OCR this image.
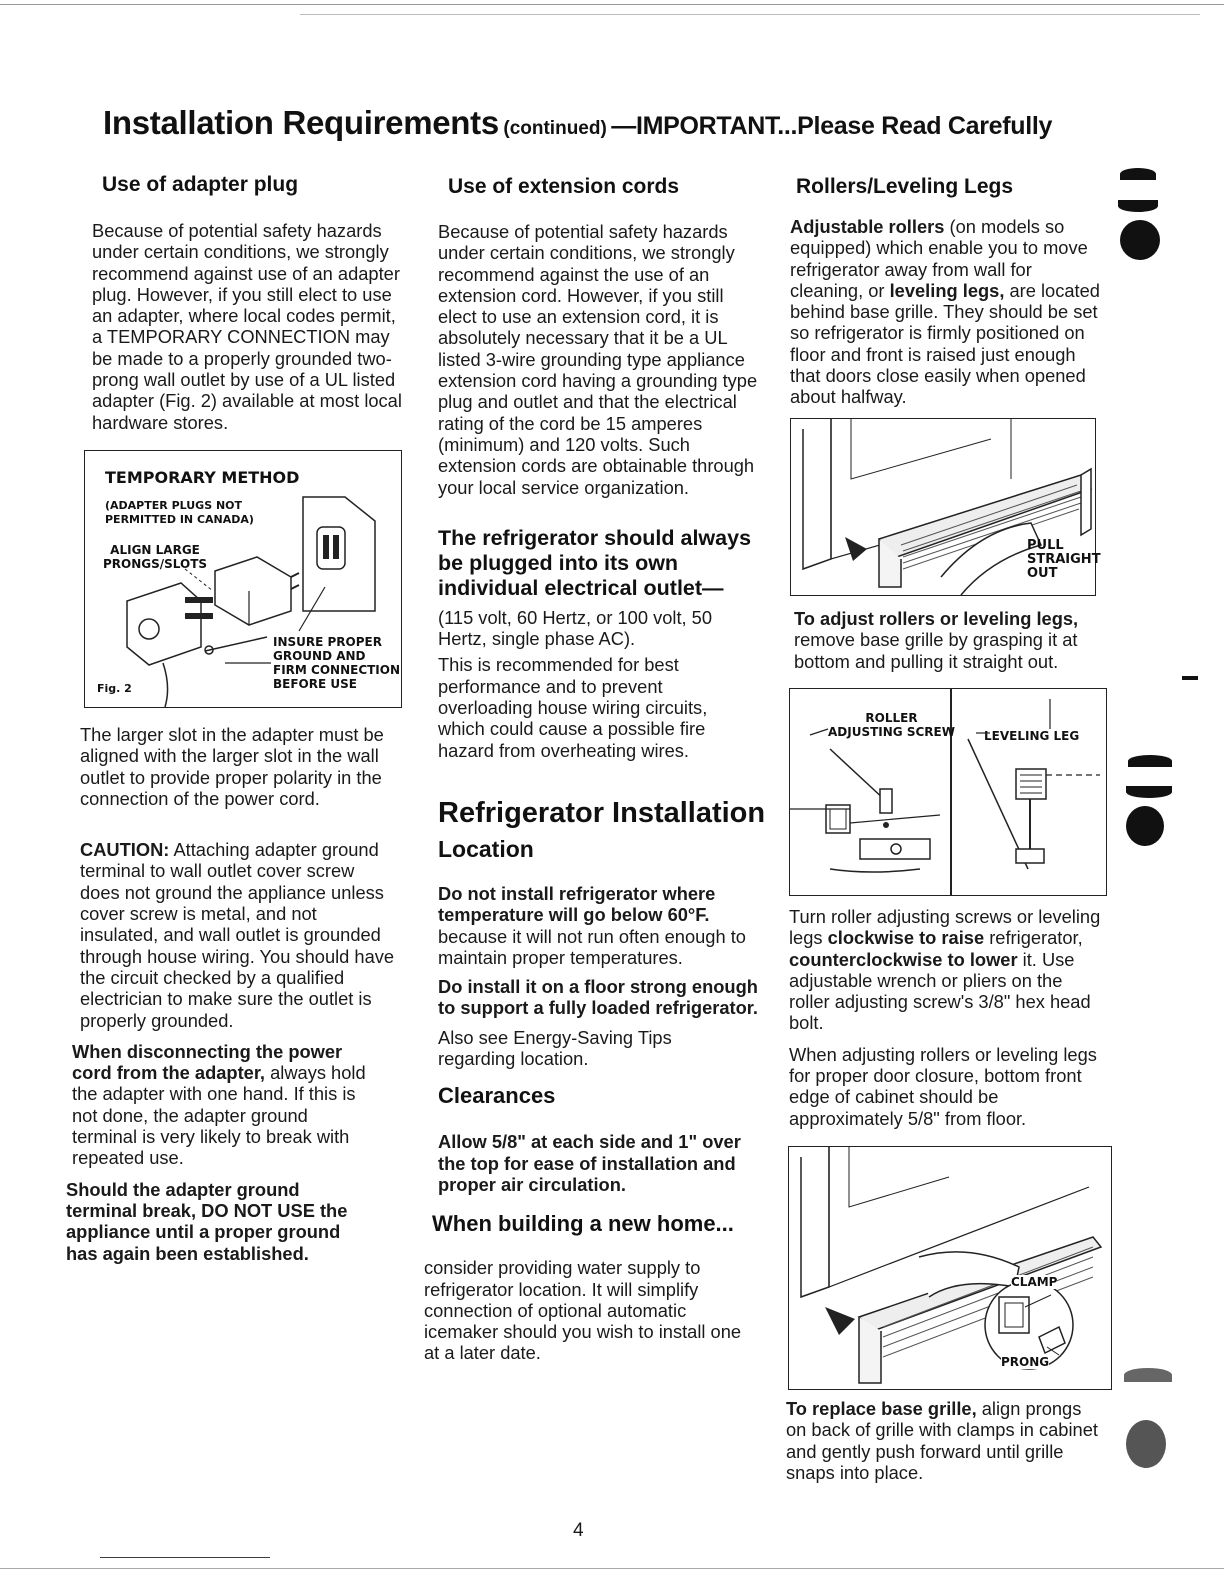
Installation Requirements (continued) —IMPORTANT...Please Read Carefully
Use of adapter plug

Because of potential safety hazards under certain conditions, we strongly recommend against use of an adapter plug. However, if you still elect to use an adapter, where local codes permit, a TEMPORARY CONNECTION may be made to a properly grounded two-prong wall outlet by use of a UL listed adapter (Fig. 2) available at most local hardware stores.

TEMPORARY METHOD
(ADAPTER PLUGS NOT
PERMITTED IN CANADA)
ALIGN LARGE
PRONGS/SLOTS
INSURE PROPER
GROUND AND
FIRM CONNECTION
BEFORE USE
Fig. 2

The larger slot in the adapter must be aligned with the larger slot in the wall outlet to provide proper polarity in the connection of the power cord.

CAUTION: Attaching adapter ground terminal to wall outlet cover screw does not ground the appliance unless cover screw is metal, and not insulated, and wall outlet is grounded through house wiring. You should have the circuit checked by a qualified electrician to make sure the outlet is properly grounded.

When disconnecting the power cord from the adapter, always hold the adapter with one hand. If this is not done, the adapter ground terminal is very likely to break with repeated use.

Should the adapter ground terminal break, DO NOT USE the appliance until a proper ground has again been established.

Use of extension cords

Because of potential safety hazards under certain conditions, we strongly recommend against the use of an extension cord. However, if you still elect to use an extension cord, it is absolutely necessary that it be a UL listed 3-wire grounding type appliance extension cord having a grounding type plug and outlet and that the electrical rating of the cord be 15 amperes (minimum) and 120 volts. Such extension cords are obtainable through your local service organization.

The refrigerator should always be plugged into its own individual electrical outlet—

(115 volt, 60 Hertz, or 100 volt, 50 Hertz, single phase AC).

This is recommended for best performance and to prevent overloading house wiring circuits, which could cause a possible fire hazard from overheating wires.

Refrigerator Installation
Location

Do not install refrigerator where temperature will go below 60°F. because it will not run often enough to maintain proper temperatures.

Do install it on a floor strong enough to support a fully loaded refrigerator.

Also see Energy-Saving Tips regarding location.

Clearances

Allow 5/8" at each side and 1" over the top for ease of installation and proper air circulation.

When building a new home...

consider providing water supply to refrigerator location. It will simplify connection of optional automatic icemaker should you wish to install one at a later date.

Rollers/Leveling Legs

Adjustable rollers (on models so equipped) which enable you to move refrigerator away from wall for cleaning, or leveling legs, are located behind base grille. They should be set so refrigerator is firmly positioned on floor and front is raised just enough that doors close easily when opened about halfway.

PULL
STRAIGHT
OUT

To adjust rollers or leveling legs, remove base grille by grasping it at bottom and pulling it straight out.

ROLLER
ADJUSTING SCREW LEVELING LEG

Turn roller adjusting screws or leveling legs clockwise to raise refrigerator, counterclockwise to lower it. Use adjustable wrench or pliers on the roller adjusting screw's 3/8" hex head bolt.

When adjusting rollers or leveling legs for proper door closure, bottom front edge of cabinet should be approximately 5/8" from floor.

CLAMP
PRONG

To replace base grille, align prongs on back of grille with clamps in cabinet and gently push forward until grille snaps into place.

4
